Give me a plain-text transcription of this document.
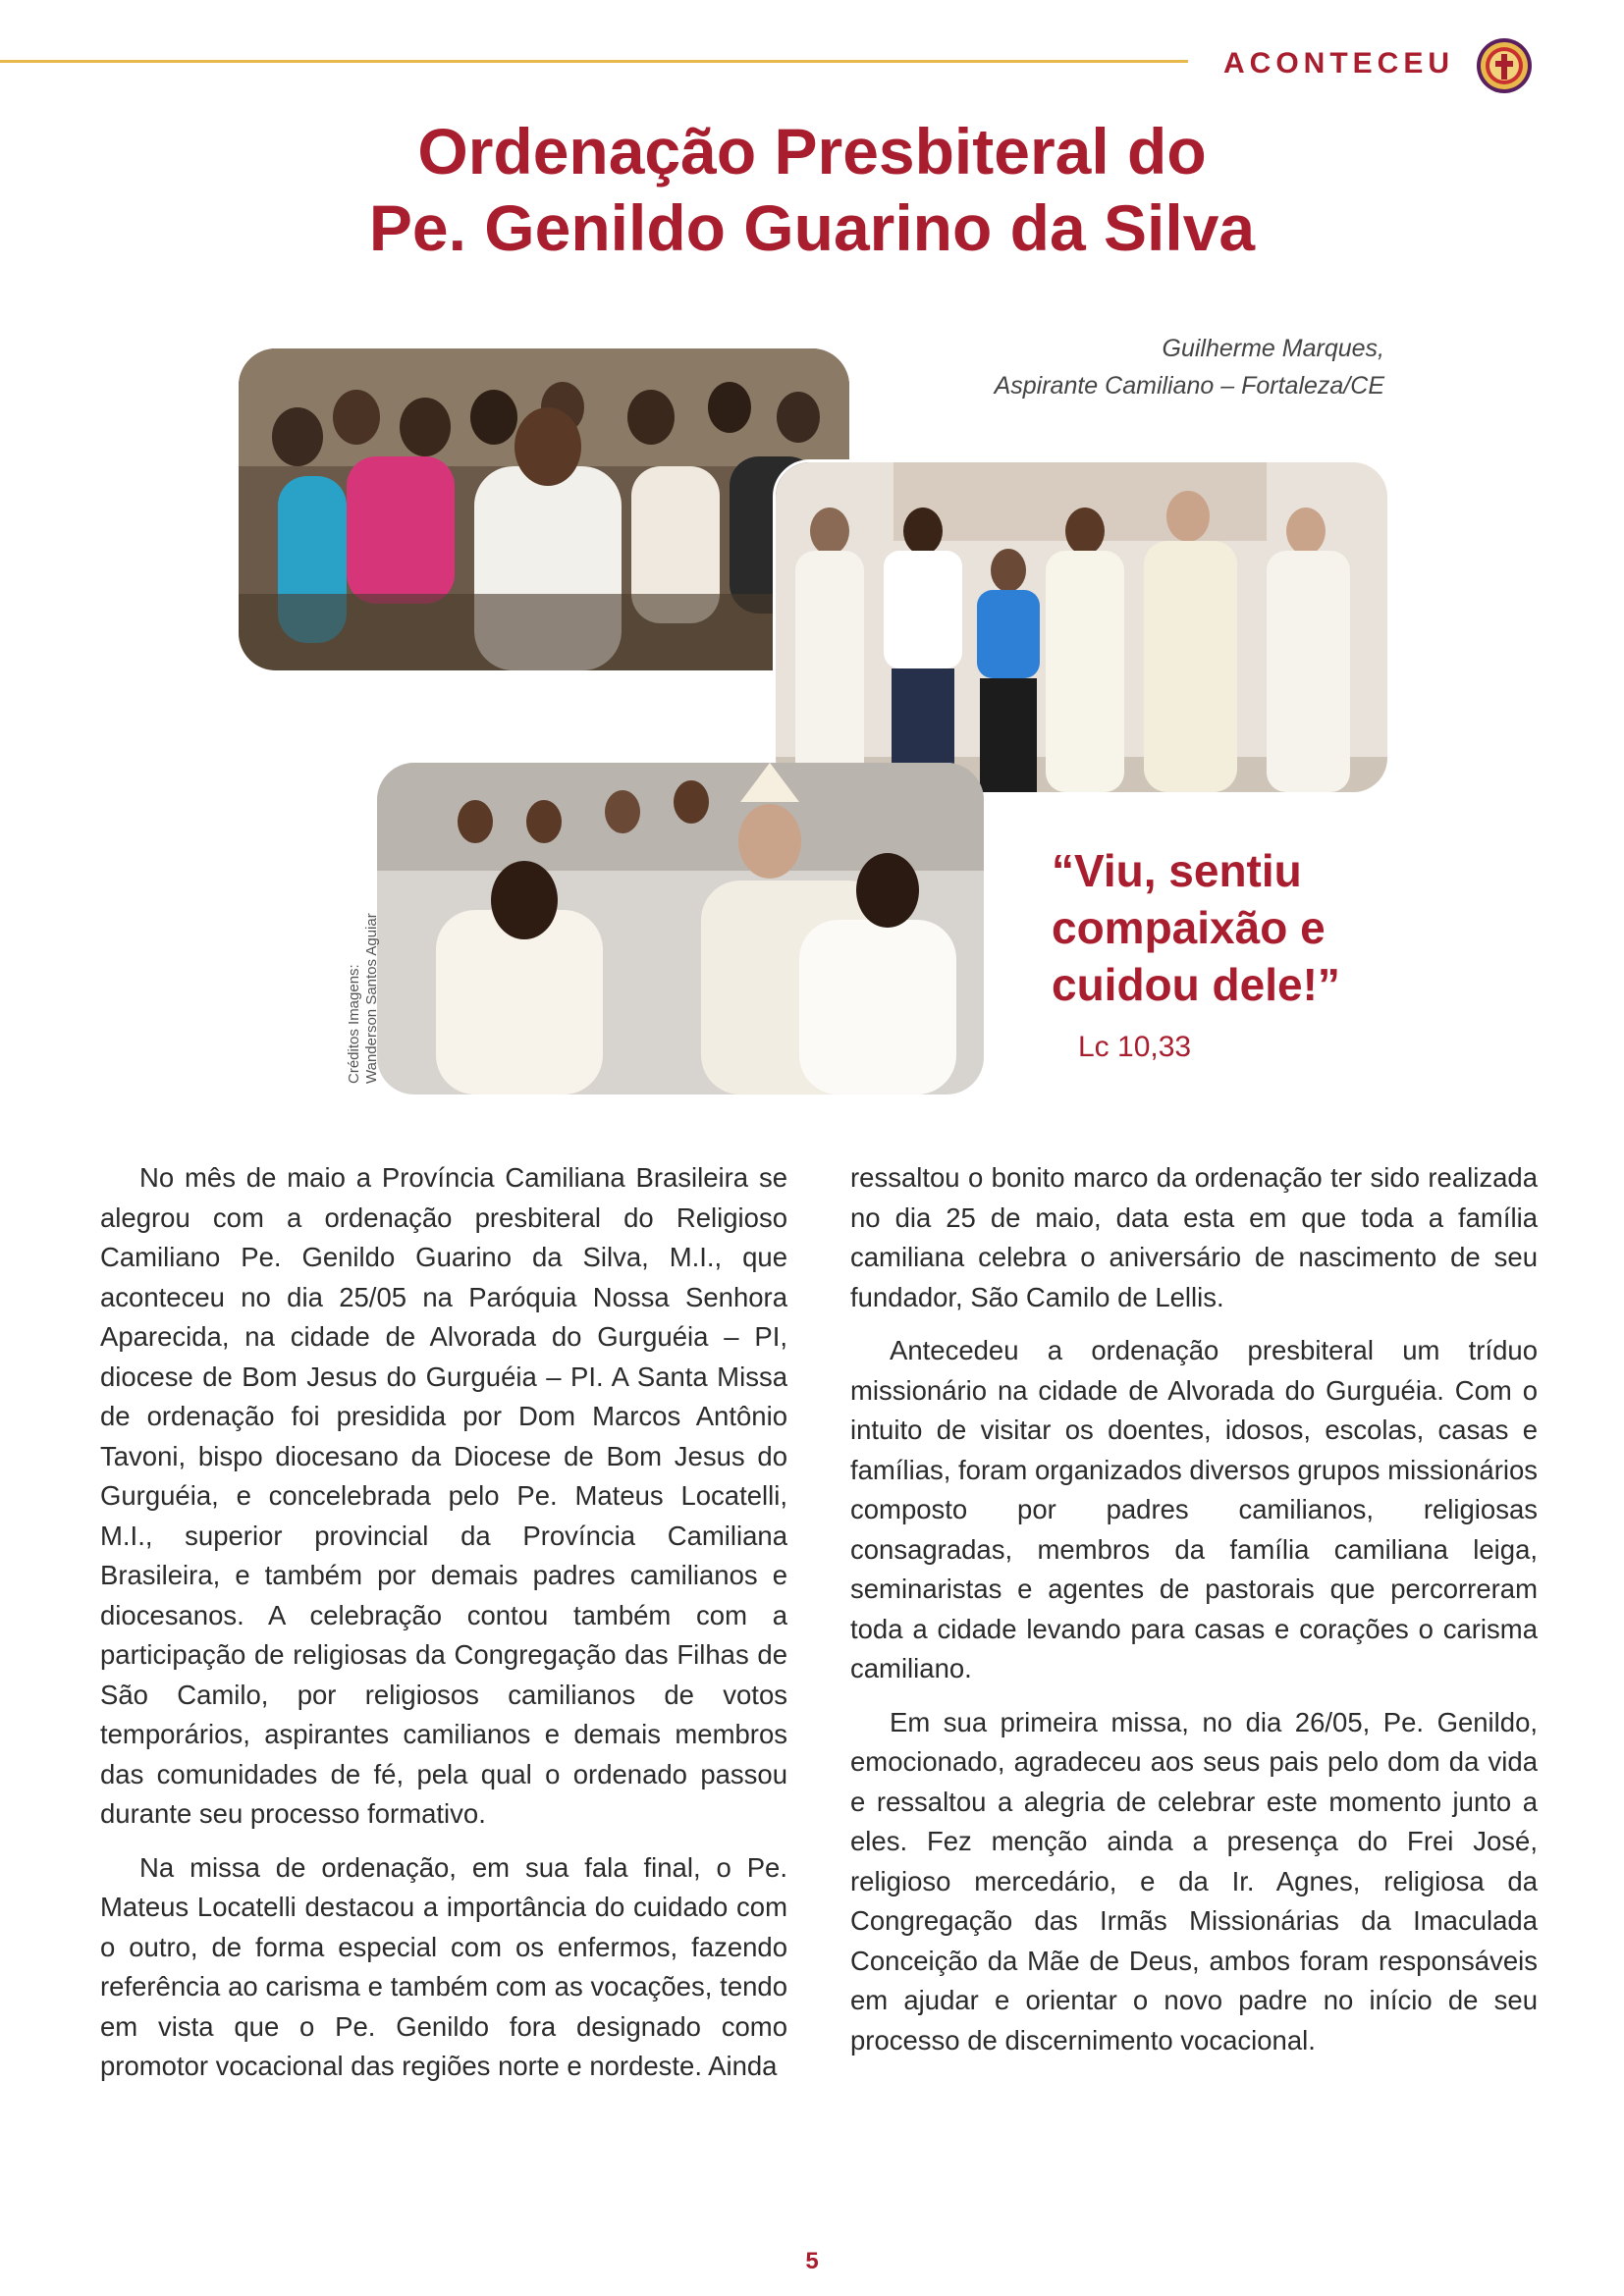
ACONTECEU
Ordenação Presbiteral do
Pe. Genildo Guarino da Silva
Guilherme Marques,
Aspirante Camiliano – Fortaleza/CE
Créditos Imagens: Wanderson Santos Aguiar
“Viu, sentiu compaixão e cuidou dele!”
Lc 10,33

No mês de maio a Província Camiliana Brasileira se alegrou com a ordenação presbiteral do Religioso Camiliano Pe. Genildo Guarino da Silva, M.I., que aconteceu no dia 25/05 na Paróquia Nossa Senhora Aparecida, na cidade de Alvorada do Gurguéia – PI, diocese de Bom Jesus do Gurguéia – PI. A Santa Missa de ordenação foi presidida por Dom Marcos Antônio Tavoni, bispo diocesano da Diocese de Bom Jesus do Gurguéia, e concelebrada pelo Pe. Mateus Locatelli, M.I., superior provincial da Província Camiliana Brasileira, e também por demais padres camilianos e diocesanos. A celebração contou também com a participação de religiosas da Congregação das Filhas de São Camilo, por religiosos camilianos de votos temporários, aspirantes camilianos e demais membros das comunidades de fé, pela qual o ordenado passou durante seu processo formativo.

Na missa de ordenação, em sua fala final, o Pe. Mateus Locatelli destacou a importância do cuidado com o outro, de forma especial com os enfermos, fazendo referência ao carisma e também com as vocações, tendo em vista que o Pe. Genildo fora designado como promotor vocacional das regiões norte e nordeste. Ainda

ressaltou o bonito marco da ordenação ter sido realizada no dia 25 de maio, data esta em que toda a família camiliana celebra o aniversário de nascimento de seu fundador, São Camilo de Lellis.

Antecedeu a ordenação presbiteral um tríduo missionário na cidade de Alvorada do Gurguéia. Com o intuito de visitar os doentes, idosos, escolas, casas e famílias, foram organizados diversos grupos missionários composto por padres camilianos, religiosas consagradas, membros da família camiliana leiga, seminaristas e agentes de pastorais que percorreram toda a cidade levando para casas e corações o carisma camiliano.

Em sua primeira missa, no dia 26/05, Pe. Genildo, emocionado, agradeceu aos seus pais pelo dom da vida e ressaltou a alegria de celebrar este momento junto a eles. Fez menção ainda a presença do Frei José, religioso mercedário, e da Ir. Agnes, religiosa da Congregação das Irmãs Missionárias da Imaculada Conceição da Mãe de Deus, ambos foram responsáveis em ajudar e orientar o novo padre no início de seu processo de discernimento vocacional.

5
